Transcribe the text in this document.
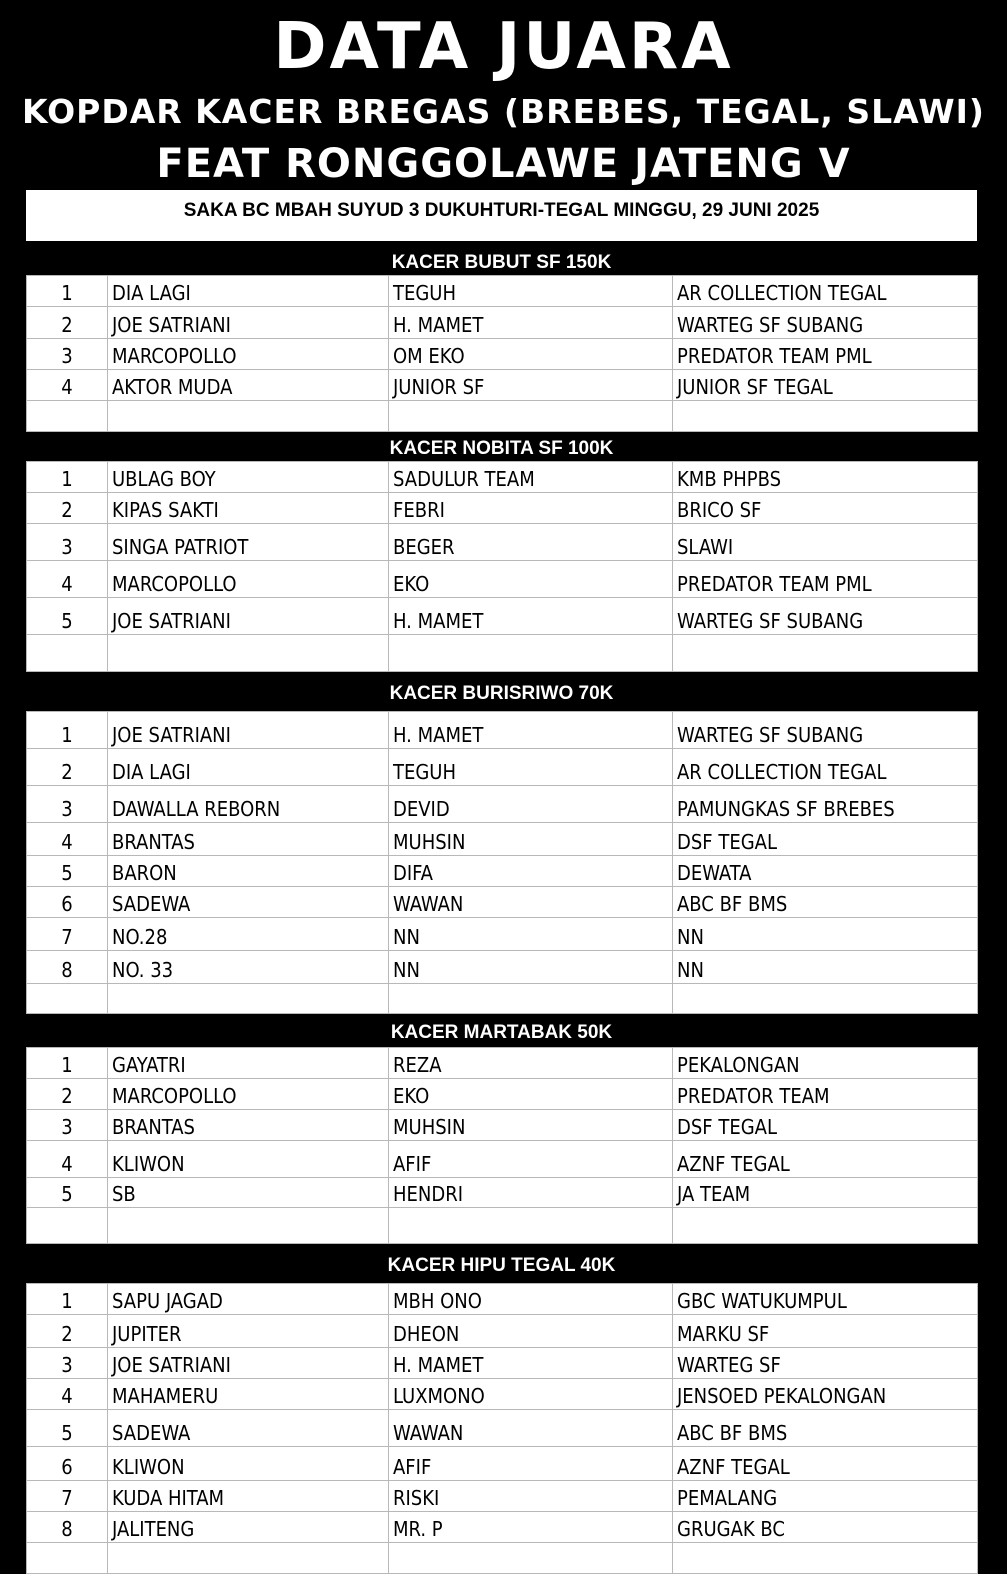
DATA JUARA
KOPDAR KACER BREGAS (BREBES, TEGAL, SLAWI)
FEAT RONGGOLAWE JATENG V
SAKA BC MBAH SUYUD 3 DUKUHTURI-TEGAL MINGGU, 29 JUNI 2025
KACER BUBUT SF 150K
1	DIA LAGI	TEGUH	AR COLLECTION TEGAL
2	JOE SATRIANI	H. MAMET	WARTEG SF SUBANG
3	MARCOPOLLO	OM EKO	PREDATOR TEAM PML
4	AKTOR MUDA	JUNIOR SF	JUNIOR SF TEGAL

KACER NOBITA SF 100K
1	UBLAG BOY	SADULUR TEAM	KMB PHPBS
2	KIPAS SAKTI	FEBRI	BRICO SF
3	SINGA PATRIOT	BEGER	SLAWI
4	MARCOPOLLO	EKO	PREDATOR TEAM PML
5	JOE SATRIANI	H. MAMET	WARTEG SF SUBANG

KACER BURISRIWO 70K
1	JOE SATRIANI	H. MAMET	WARTEG SF SUBANG
2	DIA LAGI	TEGUH	AR COLLECTION TEGAL
3	DAWALLA REBORN	DEVID	PAMUNGKAS SF BREBES
4	BRANTAS	MUHSIN	DSF TEGAL
5	BARON	DIFA	DEWATA
6	SADEWA	WAWAN	ABC BF BMS
7	NO.28	NN	NN
8	NO. 33	NN	NN

KACER MARTABAK 50K
1	GAYATRI	REZA	PEKALONGAN
2	MARCOPOLLO	EKO	PREDATOR TEAM
3	BRANTAS	MUHSIN	DSF TEGAL
4	KLIWON	AFIF	AZNF TEGAL
5	SB	HENDRI	JA TEAM

KACER HIPU TEGAL 40K
1	SAPU JAGAD	MBH ONO	GBC WATUKUMPUL
2	JUPITER	DHEON	MARKU SF
3	JOE SATRIANI	H. MAMET	WARTEG SF
4	MAHAMERU	LUXMONO	JENSOED PEKALONGAN
5	SADEWA	WAWAN	ABC BF BMS
6	KLIWON	AFIF	AZNF TEGAL
7	KUDA HITAM	RISKI	PEMALANG
8	JALITENG	MR. P	GRUGAK BC
